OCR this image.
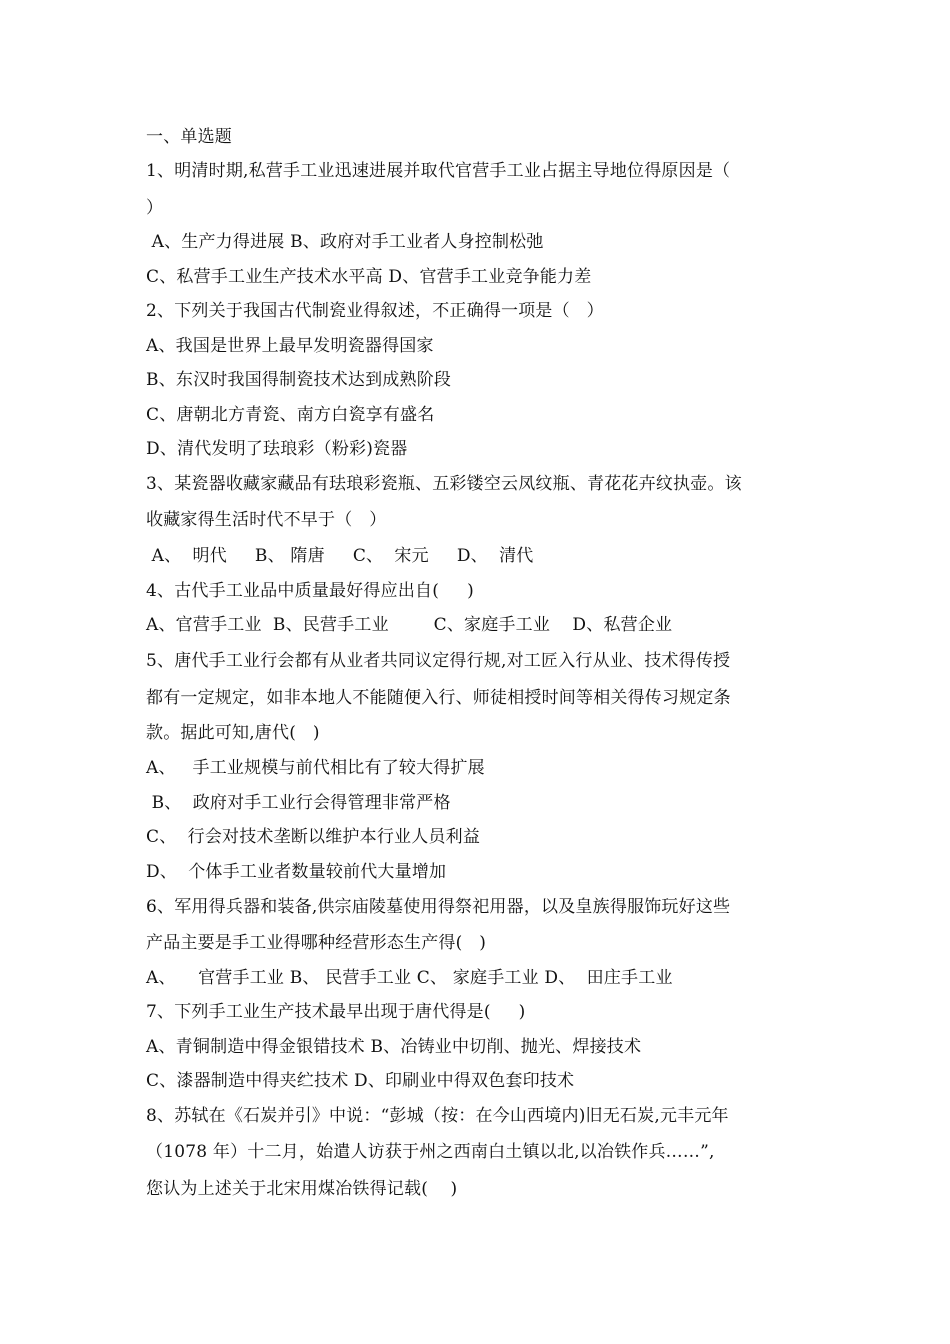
一、单选题
1、明清时期,私营手工业迅速进展并取代官营手工业占据主导地位得原因是（
）
A、生产力得进展 B、政府对手工业者人身控制松弛
C、私营手工业生产技术水平高 D、官营手工业竞争能力差
2、下列关于我国古代制瓷业得叙述，不正确得一项是（   ）
A、我国是世界上最早发明瓷器得国家
B、东汉时我国得制瓷技术达到成熟阶段
C、唐朝北方青瓷、南方白瓷享有盛名
D、清代发明了珐琅彩（粉彩)瓷器
3、某瓷器收藏家藏品有珐琅彩瓷瓶、五彩镂空云凤纹瓶、青花花卉纹执壶。该
收藏家得生活时代不早于（   ）
A、  明代     B、 隋唐     C、  宋元     D、  清代
4、古代手工业品中质量最好得应出自(     )
A、官营手工业  B、民营手工业        C、家庭手工业    D、私营企业
5、唐代手工业行会都有从业者共同议定得行规,对工匠入行从业、技术得传授
都有一定规定，如非本地人不能随便入行、师徒相授时间等相关得传习规定条
款。据此可知,唐代(   )
A、   手工业规模与前代相比有了较大得扩展
B、  政府对手工业行会得管理非常严格
C、  行会对技术垄断以维护本行业人员利益
D、  个体手工业者数量较前代大量增加
6、军用得兵器和装备,供宗庙陵墓使用得祭祀用器，以及皇族得服饰玩好这些
产品主要是手工业得哪种经营形态生产得(   )
A、    官营手工业 B、 民营手工业 C、 家庭手工业 D、  田庄手工业
7、下列手工业生产技术最早出现于唐代得是(     )
A、青铜制造中得金银错技术 B、冶铸业中切削、抛光、焊接技术
C、漆器制造中得夹纻技术 D、印刷业中得双色套印技术
8、苏轼在《石炭并引》中说：“彭城（按：在今山西境内)旧无石炭,元丰元年
（1078 年）十二月，始遣人访获于州之西南白土镇以北,以冶铁作兵……”,
您认为上述关于北宋用煤冶铁得记载(    )
